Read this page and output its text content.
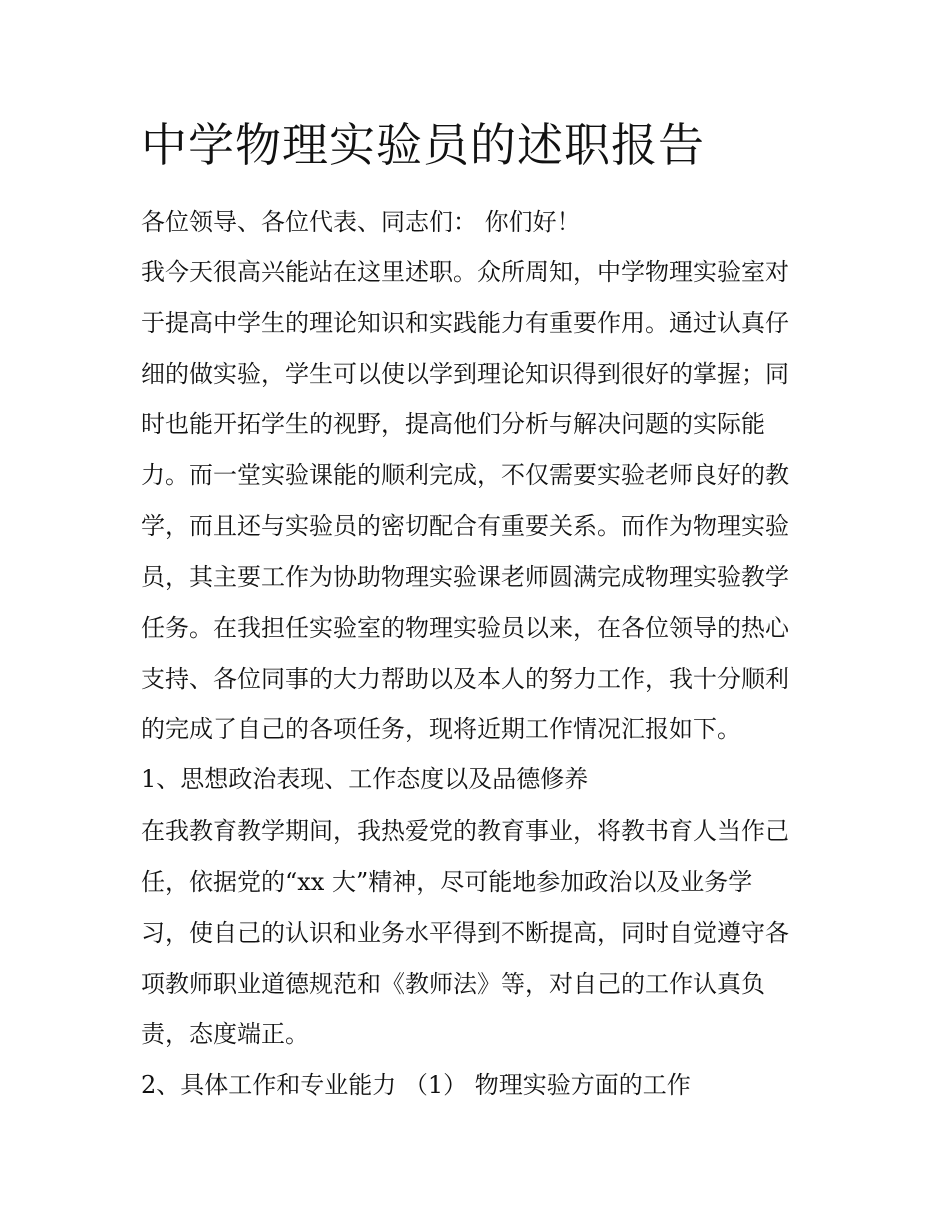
中学物理实验员的述职报告

各位领导、各位代表、同志们： 你们好！

我今天很高兴能站在这里述职。众所周知，中学物理实验室对

于提高中学生的理论知识和实践能力有重要作用。通过认真仔

细的做实验，学生可以使以学到理论知识得到很好的掌握；同

时也能开拓学生的视野，提高他们分析与解决问题的实际能

力。而一堂实验课能的顺利完成，不仅需要实验老师良好的教

学，而且还与实验员的密切配合有重要关系。而作为物理实验

员，其主要工作为协助物理实验课老师圆满完成物理实验教学

任务。在我担任实验室的物理实验员以来，在各位领导的热心

支持、各位同事的大力帮助以及本人的努力工作，我十分顺利

的完成了自己的各项任务，现将近期工作情况汇报如下。

1、思想政治表现、工作态度以及品德修养

在我教育教学期间，我热爱党的教育事业，将教书育人当作己

任，依据党的“xx 大”精神，尽可能地参加政治以及业务学

习，使自己的认识和业务水平得到不断提高，同时自觉遵守各

项教师职业道德规范和《教师法》等，对自己的工作认真负

责，态度端正。

2、具体工作和专业能力 （1） 物理实验方面的工作
